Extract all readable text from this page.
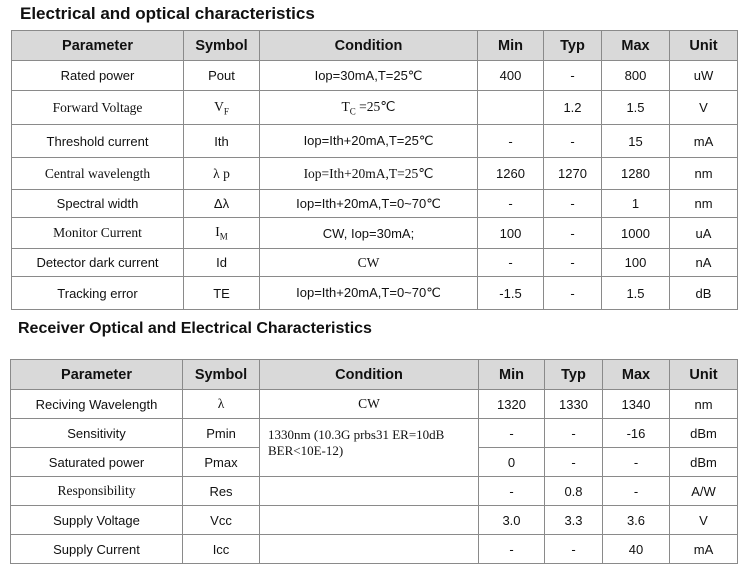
Electrical and optical characteristics
Parameter	Symbol	Condition	Min	Typ	Max	Unit
Rated power	Pout	Iop=30mA,T=25℃	400	-	800	uW
Forward Voltage	$V_F$	$T_C$ =25℃		1.2	1.5	V
Threshold current	Ith	Iop=Ith+20mA,T=25℃	-	-	15	mA
Central wavelength	λ p	Iop=Ith+20mA,T=25℃	1260	1270	1280	nm
Spectral width	Δλ	Iop=Ith+20mA,T=0~70℃	-	-	1	nm
Monitor Current	$I_M$	CW, Iop=30mA;	100	-	1000	uA
Detector dark current	Id	CW	-	-	100	nA
Tracking error	TE	Iop=Ith+20mA,T=0~70℃	-1.5	-	1.5	dB
Receiver Optical and Electrical Characteristics
Parameter	Symbol	Condition	Min	Typ	Max	Unit
Reciving Wavelength	λ	CW	1320	1330	1340	nm
Sensitivity	Pmin	1330nm (10.3G prbs31 ER=10dB BER<10E-12)	-	-	-16	dBm
Saturated power	Pmax		0	-	-	dBm
Responsibility	Res		-	0.8	-	A/W
Supply Voltage	Vcc		3.0	3.3	3.6	V
Supply Current	Icc		-	-	40	mA
